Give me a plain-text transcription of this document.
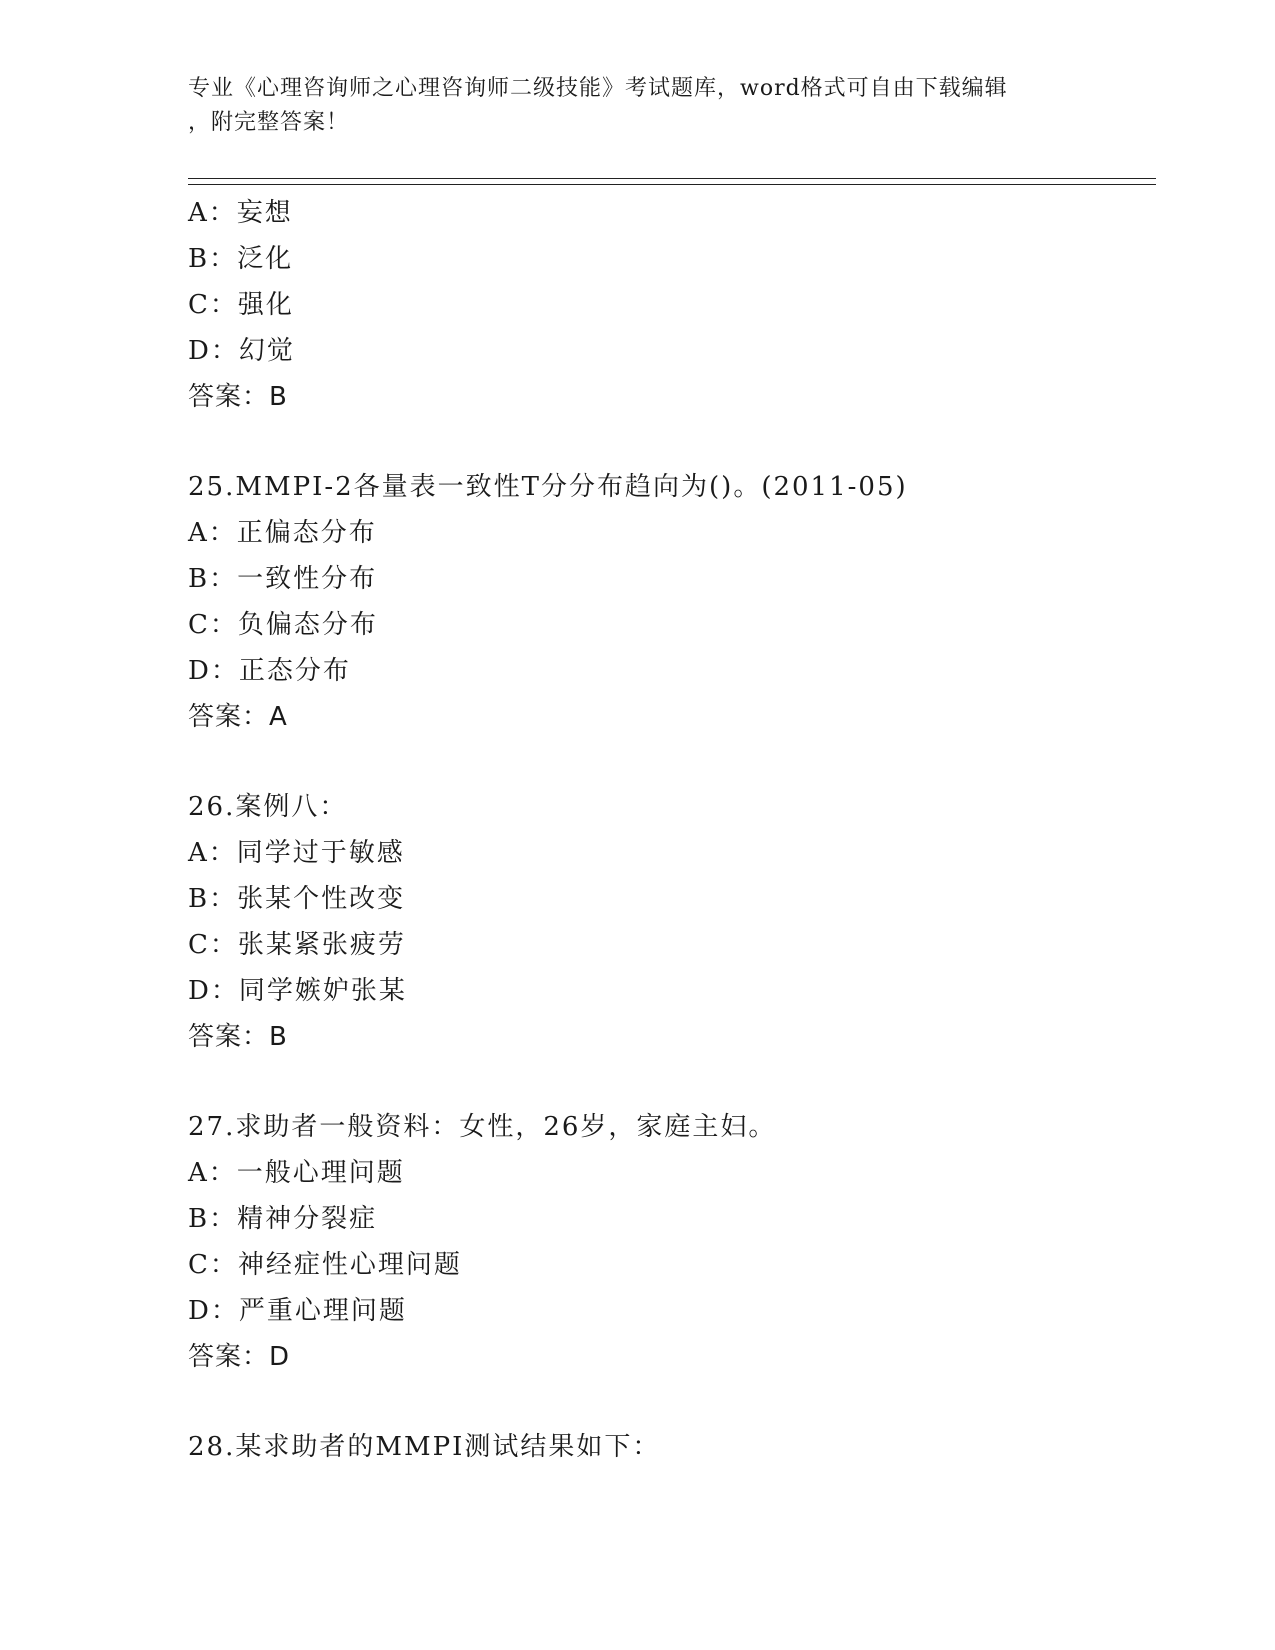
专业《心理咨询师之心理咨询师二级技能》考试题库，word格式可自由下载编辑
，附完整答案！
A：妄想
B：泛化
C：强化
D：幻觉
答案：B
25.MMPI-2各量表一致性T分分布趋向为()。(2011-05)
A：正偏态分布
B：一致性分布
C：负偏态分布
D：正态分布
答案：A
26.案例八：
A：同学过于敏感
B：张某个性改变
C：张某紧张疲劳
D：同学嫉妒张某
答案：B
27.求助者一般资料：女性，26岁，家庭主妇。
A：一般心理问题
B：精神分裂症
C：神经症性心理问题
D：严重心理问题
答案：D
28.某求助者的MMPI测试结果如下：
